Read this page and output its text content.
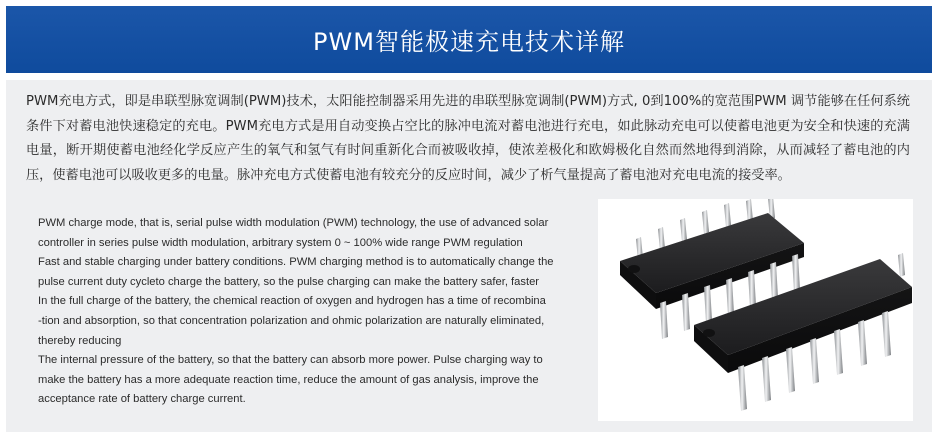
PWM智能极速充电技术详解

PWM充电方式，即是串联型脉宽调制(PWM)技术，太阳能控制器采用先进的串联型脉宽调制(PWM)方式, 0到100%的宽范围PWM 调节能够在任何系统条件下对蓄电池快速稳定的充电。PWM充电方式是用自动变换占空比的脉冲电流对蓄电池进行充电，如此脉动充电可以使蓄电池更为安全和快速的充满电量，断开期使蓄电池经化学反应产生的氧气和氢气有时间重新化合而被吸收掉，使浓差极化和欧姆极化自然而然地得到消除，从而减轻了蓄电池的内压，使蓄电池可以吸收更多的电量。脉冲充电方式使蓄电池有较充分的反应时间，减少了析气量提高了蓄电池对充电电流的接受率。

PWM charge mode, that is, serial pulse width modulation (PWM) technology, the use of advanced solar
controller in series pulse width modulation, arbitrary system 0 ~ 100% wide range PWM regulation
Fast and stable charging under battery conditions. PWM charging method is to automatically change the
pulse current duty cycleto charge the battery, so the pulse charging can make the battery safer, faster
In the full charge of the battery, the chemical reaction of oxygen and hydrogen has a time of recombina
-tion and absorption, so that concentration polarization and ohmic polarization are naturally eliminated,
thereby reducing
The internal pressure of the battery, so that the battery can absorb more power. Pulse charging way to
make the battery has a more adequate reaction time, reduce the amount of gas analysis, improve the
acceptance rate of battery charge current.
